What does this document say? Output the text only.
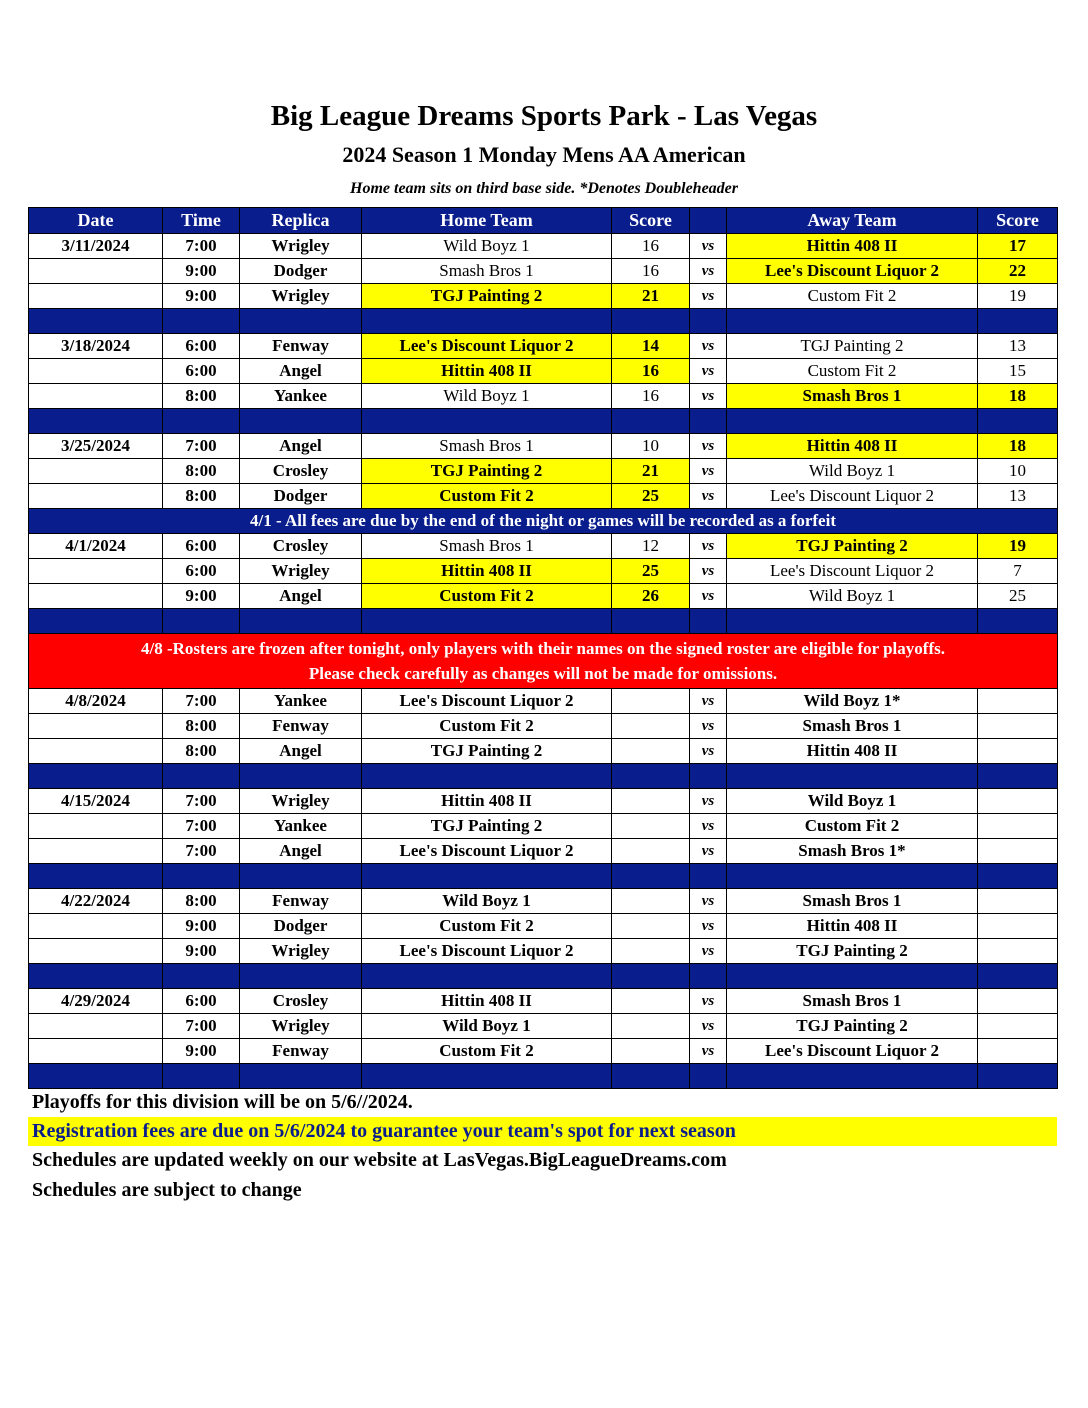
Big League Dreams Sports Park - Las Vegas
2024 Season 1 Monday Mens AA American
Home team sits on third base side. *Denotes Doubleheader
Date	Time	Replica	Home Team	Score		Away Team	Score
3/11/2024	7:00	Wrigley	Wild Boyz 1	16	vs	Hittin 408 II	17
	9:00	Dodger	Smash Bros 1	16	vs	Lee's Discount Liquor 2	22
	9:00	Wrigley	TGJ Painting 2	21	vs	Custom Fit 2	19

3/18/2024	6:00	Fenway	Lee's Discount Liquor 2	14	vs	TGJ Painting 2	13
	6:00	Angel	Hittin 408 II	16	vs	Custom Fit 2	15
	8:00	Yankee	Wild Boyz 1	16	vs	Smash Bros 1	18

3/25/2024	7:00	Angel	Smash Bros 1	10	vs	Hittin 408 II	18
	8:00	Crosley	TGJ Painting 2	21	vs	Wild Boyz 1	10
	8:00	Dodger	Custom Fit 2	25	vs	Lee's Discount Liquor 2	13
4/1 - All fees are due by the end of the night or games will be recorded as a forfeit							
4/1/2024	6:00	Crosley	Smash Bros 1	12	vs	TGJ Painting 2	19
	6:00	Wrigley	Hittin 408 II	25	vs	Lee's Discount Liquor 2	7
	9:00	Angel	Custom Fit 2	26	vs	Wild Boyz 1	25

4/8 -Rosters are frozen after tonight, only players with their names on the signed roster are eligible for playoffs.
Please check carefully as changes will not be made for omissions.							

4/8/2024	7:00	Yankee	Lee's Discount Liquor 2		vs	Wild Boyz 1*	
	8:00	Fenway	Custom Fit 2		vs	Smash Bros 1	
	8:00	Angel	TGJ Painting 2		vs	Hittin 408 II	

4/15/2024	7:00	Wrigley	Hittin 408 II		vs	Wild Boyz 1	
	7:00	Yankee	TGJ Painting 2		vs	Custom Fit 2	
	7:00	Angel	Lee's Discount Liquor 2		vs	Smash Bros 1*	

4/22/2024	8:00	Fenway	Wild Boyz 1		vs	Smash Bros 1	
	9:00	Dodger	Custom Fit 2		vs	Hittin 408 II	
	9:00	Wrigley	Lee's Discount Liquor 2		vs	TGJ Painting 2	

4/29/2024	6:00	Crosley	Hittin 408 II		vs	Smash Bros 1	
	7:00	Wrigley	Wild Boyz 1		vs	TGJ Painting 2	
	9:00	Fenway	Custom Fit 2		vs	Lee's Discount Liquor 2	

Playoffs for this division will be on 5/6//2024.
Registration fees are due on 5/6/2024 to guarantee your team's spot for next season
Schedules are updated weekly on our website at LasVegas.BigLeagueDreams.com
Schedules are subject to change
